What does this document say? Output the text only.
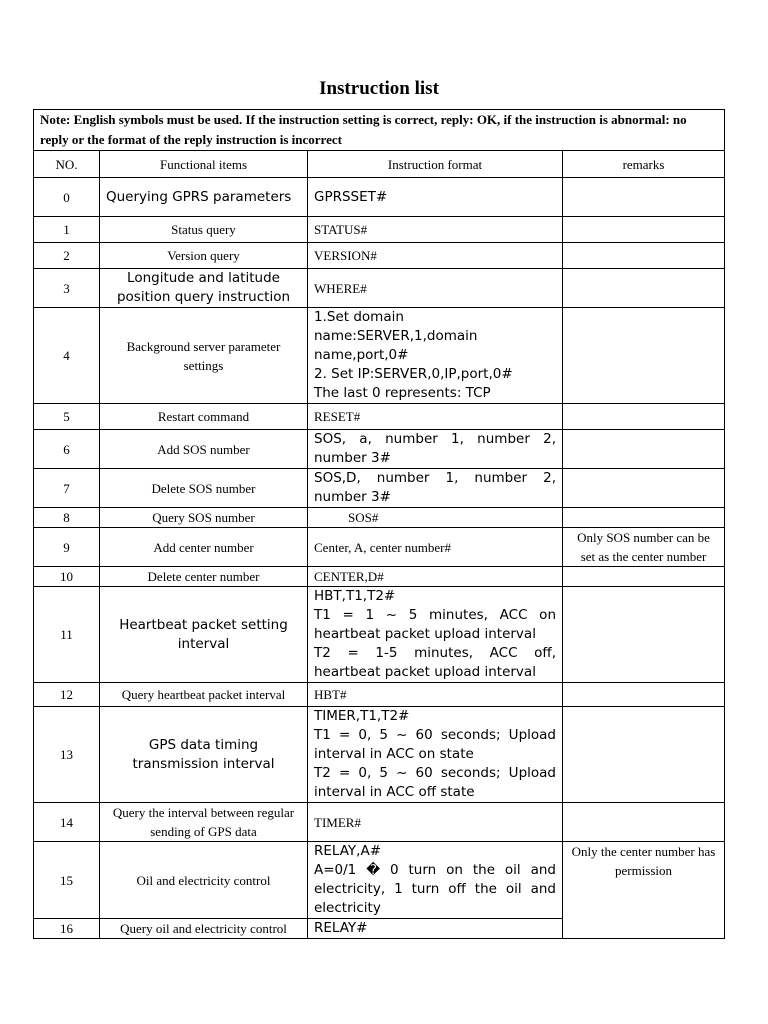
Instruction list
Note: English symbols must be used. If the instruction setting is correct, reply: OK, if the instruction is abnormal: no reply or the format of the reply instruction is incorrect			
NO.	Functional items	Instruction format	remarks
0	Querying GPRS parameters	GPRSSET#	
1	Status query	STATUS#	
2	Version query	VERSION#	
3	Longitude and latitude position query instruction	WHERE#	
4	Background server parameter settings	1.Set domain name:SERVER,1,domain name,port,0#
2. Set IP:SERVER,0,IP,port,0#
The last 0 represents: TCP	

5	Restart command	RESET#	
6	Add SOS number	SOS, a, number 1, number 2, number 3#	
7	Delete SOS number	SOS,D, number 1, number 2, number 3#	
8	Query SOS number	SOS#	
9	Add center number	Center, A, center number#	Only SOS number can be set as the center number
10	Delete center number	CENTER,D#	
11	Heartbeat packet setting interval	HBT,T1,T2#
T1 = 1 ~ 5 minutes, ACC on heartbeat packet upload interval
T2 = 1-5 minutes, ACC off, heartbeat packet upload interval	

12	Query heartbeat packet interval	HBT#	
13	GPS data timing transmission interval	TIMER,T1,T2#
T1 = 0, 5 ~ 60 seconds; Upload interval in ACC on state
T2 = 0, 5 ~ 60 seconds; Upload interval in ACC off state	

14	Query the interval between regular sending of GPS data	TIMER#	
15	Oil and electricity control	RELAY,A#
A=0/1 � 0 turn on the oil and electricity, 1 turn off the oil and electricity	Only the center number has permission
16	Query oil and electricity control	RELAY#	
